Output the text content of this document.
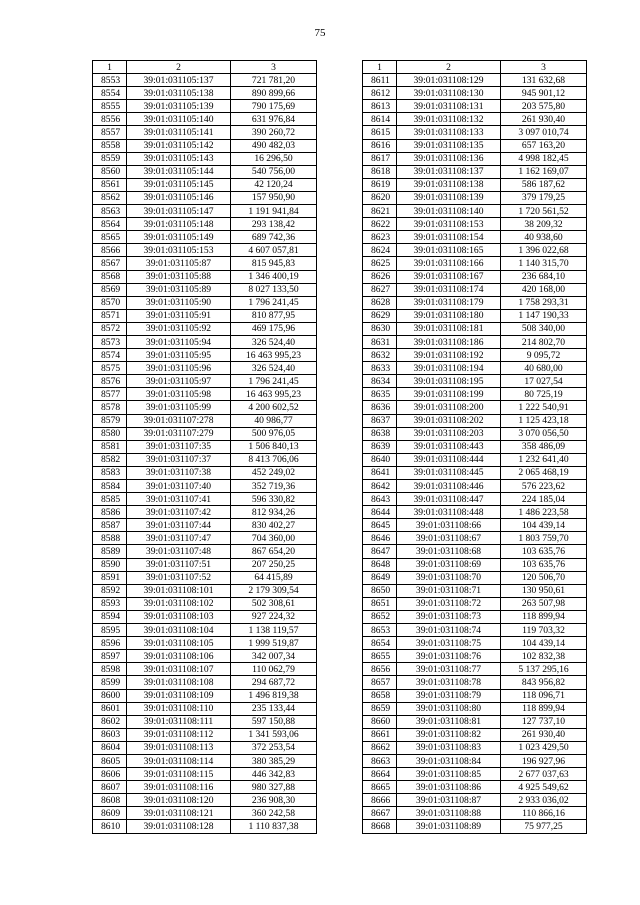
75
1	2	3
8553	39:01:031105:137	721 781,20
8554	39:01:031105:138	890 899,66
8555	39:01:031105:139	790 175,69
8556	39:01:031105:140	631 976,84
8557	39:01:031105:141	390 260,72
8558	39:01:031105:142	490 482,03
8559	39:01:031105:143	16 296,50
8560	39:01:031105:144	540 756,00
8561	39:01:031105:145	42 120,24
8562	39:01:031105:146	157 950,90
8563	39:01:031105:147	1 191 941,84
8564	39:01:031105:148	293 138,42
8565	39:01:031105:149	689 742,36
8566	39:01:031105:153	4 607 057,81
8567	39:01:031105:87	815 945,83
8568	39:01:031105:88	1 346 400,19
8569	39:01:031105:89	8 027 133,50
8570	39:01:031105:90	1 796 241,45
8571	39:01:031105:91	810 877,95
8572	39:01:031105:92	469 175,96
8573	39:01:031105:94	326 524,40
8574	39:01:031105:95	16 463 995,23
8575	39:01:031105:96	326 524,40
8576	39:01:031105:97	1 796 241,45
8577	39:01:031105:98	16 463 995,23
8578	39:01:031105:99	4 200 602,52
8579	39:01:031107:278	40 986,77
8580	39:01:031107:279	500 976,05
8581	39:01:031107:35	1 506 840,13
8582	39:01:031107:37	8 413 706,06
8583	39:01:031107:38	452 249,02
8584	39:01:031107:40	352 719,36
8585	39:01:031107:41	596 330,82
8586	39:01:031107:42	812 934,26
8587	39:01:031107:44	830 402,27
8588	39:01:031107:47	704 360,00
8589	39:01:031107:48	867 654,20
8590	39:01:031107:51	207 250,25
8591	39:01:031107:52	64 415,89
8592	39:01:031108:101	2 179 309,54
8593	39:01:031108:102	502 308,61
8594	39:01:031108:103	927 224,32
8595	39:01:031108:104	1 138 119,57
8596	39:01:031108:105	1 999 519,87
8597	39:01:031108:106	342 007,34
8598	39:01:031108:107	110 062,79
8599	39:01:031108:108	294 687,72
8600	39:01:031108:109	1 496 819,38
8601	39:01:031108:110	235 133,44
8602	39:01:031108:111	597 150,88
8603	39:01:031108:112	1 341 593,06
8604	39:01:031108:113	372 253,54
8605	39:01:031108:114	380 385,29
8606	39:01:031108:115	446 342,83
8607	39:01:031108:116	980 327,88
8608	39:01:031108:120	236 908,30
8609	39:01:031108:121	360 242,58
8610	39:01:031108:128	1 110 837,38
1	2	3
8611	39:01:031108:129	131 632,68
8612	39:01:031108:130	945 901,12
8613	39:01:031108:131	203 575,80
8614	39:01:031108:132	261 930,40
8615	39:01:031108:133	3 097 010,74
8616	39:01:031108:135	657 163,20
8617	39:01:031108:136	4 998 182,45
8618	39:01:031108:137	1 162 169,07
8619	39:01:031108:138	586 187,62
8620	39:01:031108:139	379 179,25
8621	39:01:031108:140	1 720 561,52
8622	39:01:031108:153	38 209,32
8623	39:01:031108:154	40 938,60
8624	39:01:031108:165	1 396 022,68
8625	39:01:031108:166	1 140 315,70
8626	39:01:031108:167	236 684,10
8627	39:01:031108:174	420 168,00
8628	39:01:031108:179	1 758 293,31
8629	39:01:031108:180	1 147 190,33
8630	39:01:031108:181	508 340,00
8631	39:01:031108:186	214 802,70
8632	39:01:031108:192	9 095,72
8633	39:01:031108:194	40 680,00
8634	39:01:031108:195	17 027,54
8635	39:01:031108:199	80 725,19
8636	39:01:031108:200	1 222 540,91
8637	39:01:031108:202	1 125 423,18
8638	39:01:031108:203	3 070 056,50
8639	39:01:031108:443	358 486,09
8640	39:01:031108:444	1 232 641,40
8641	39:01:031108:445	2 065 468,19
8642	39:01:031108:446	576 223,62
8643	39:01:031108:447	224 185,04
8644	39:01:031108:448	1 486 223,58
8645	39:01:031108:66	104 439,14
8646	39:01:031108:67	1 803 759,70
8647	39:01:031108:68	103 635,76
8648	39:01:031108:69	103 635,76
8649	39:01:031108:70	120 506,70
8650	39:01:031108:71	130 950,61
8651	39:01:031108:72	263 507,98
8652	39:01:031108:73	118 899,94
8653	39:01:031108:74	119 703,32
8654	39:01:031108:75	104 439,14
8655	39:01:031108:76	102 832,38
8656	39:01:031108:77	5 137 295,16
8657	39:01:031108:78	843 956,82
8658	39:01:031108:79	118 096,71
8659	39:01:031108:80	118 899,94
8660	39:01:031108:81	127 737,10
8661	39:01:031108:82	261 930,40
8662	39:01:031108:83	1 023 429,50
8663	39:01:031108:84	196 927,96
8664	39:01:031108:85	2 677 037,63
8665	39:01:031108:86	4 925 549,62
8666	39:01:031108:87	2 933 036,02
8667	39:01:031108:88	110 866,16
8668	39:01:031108:89	75 977,25
